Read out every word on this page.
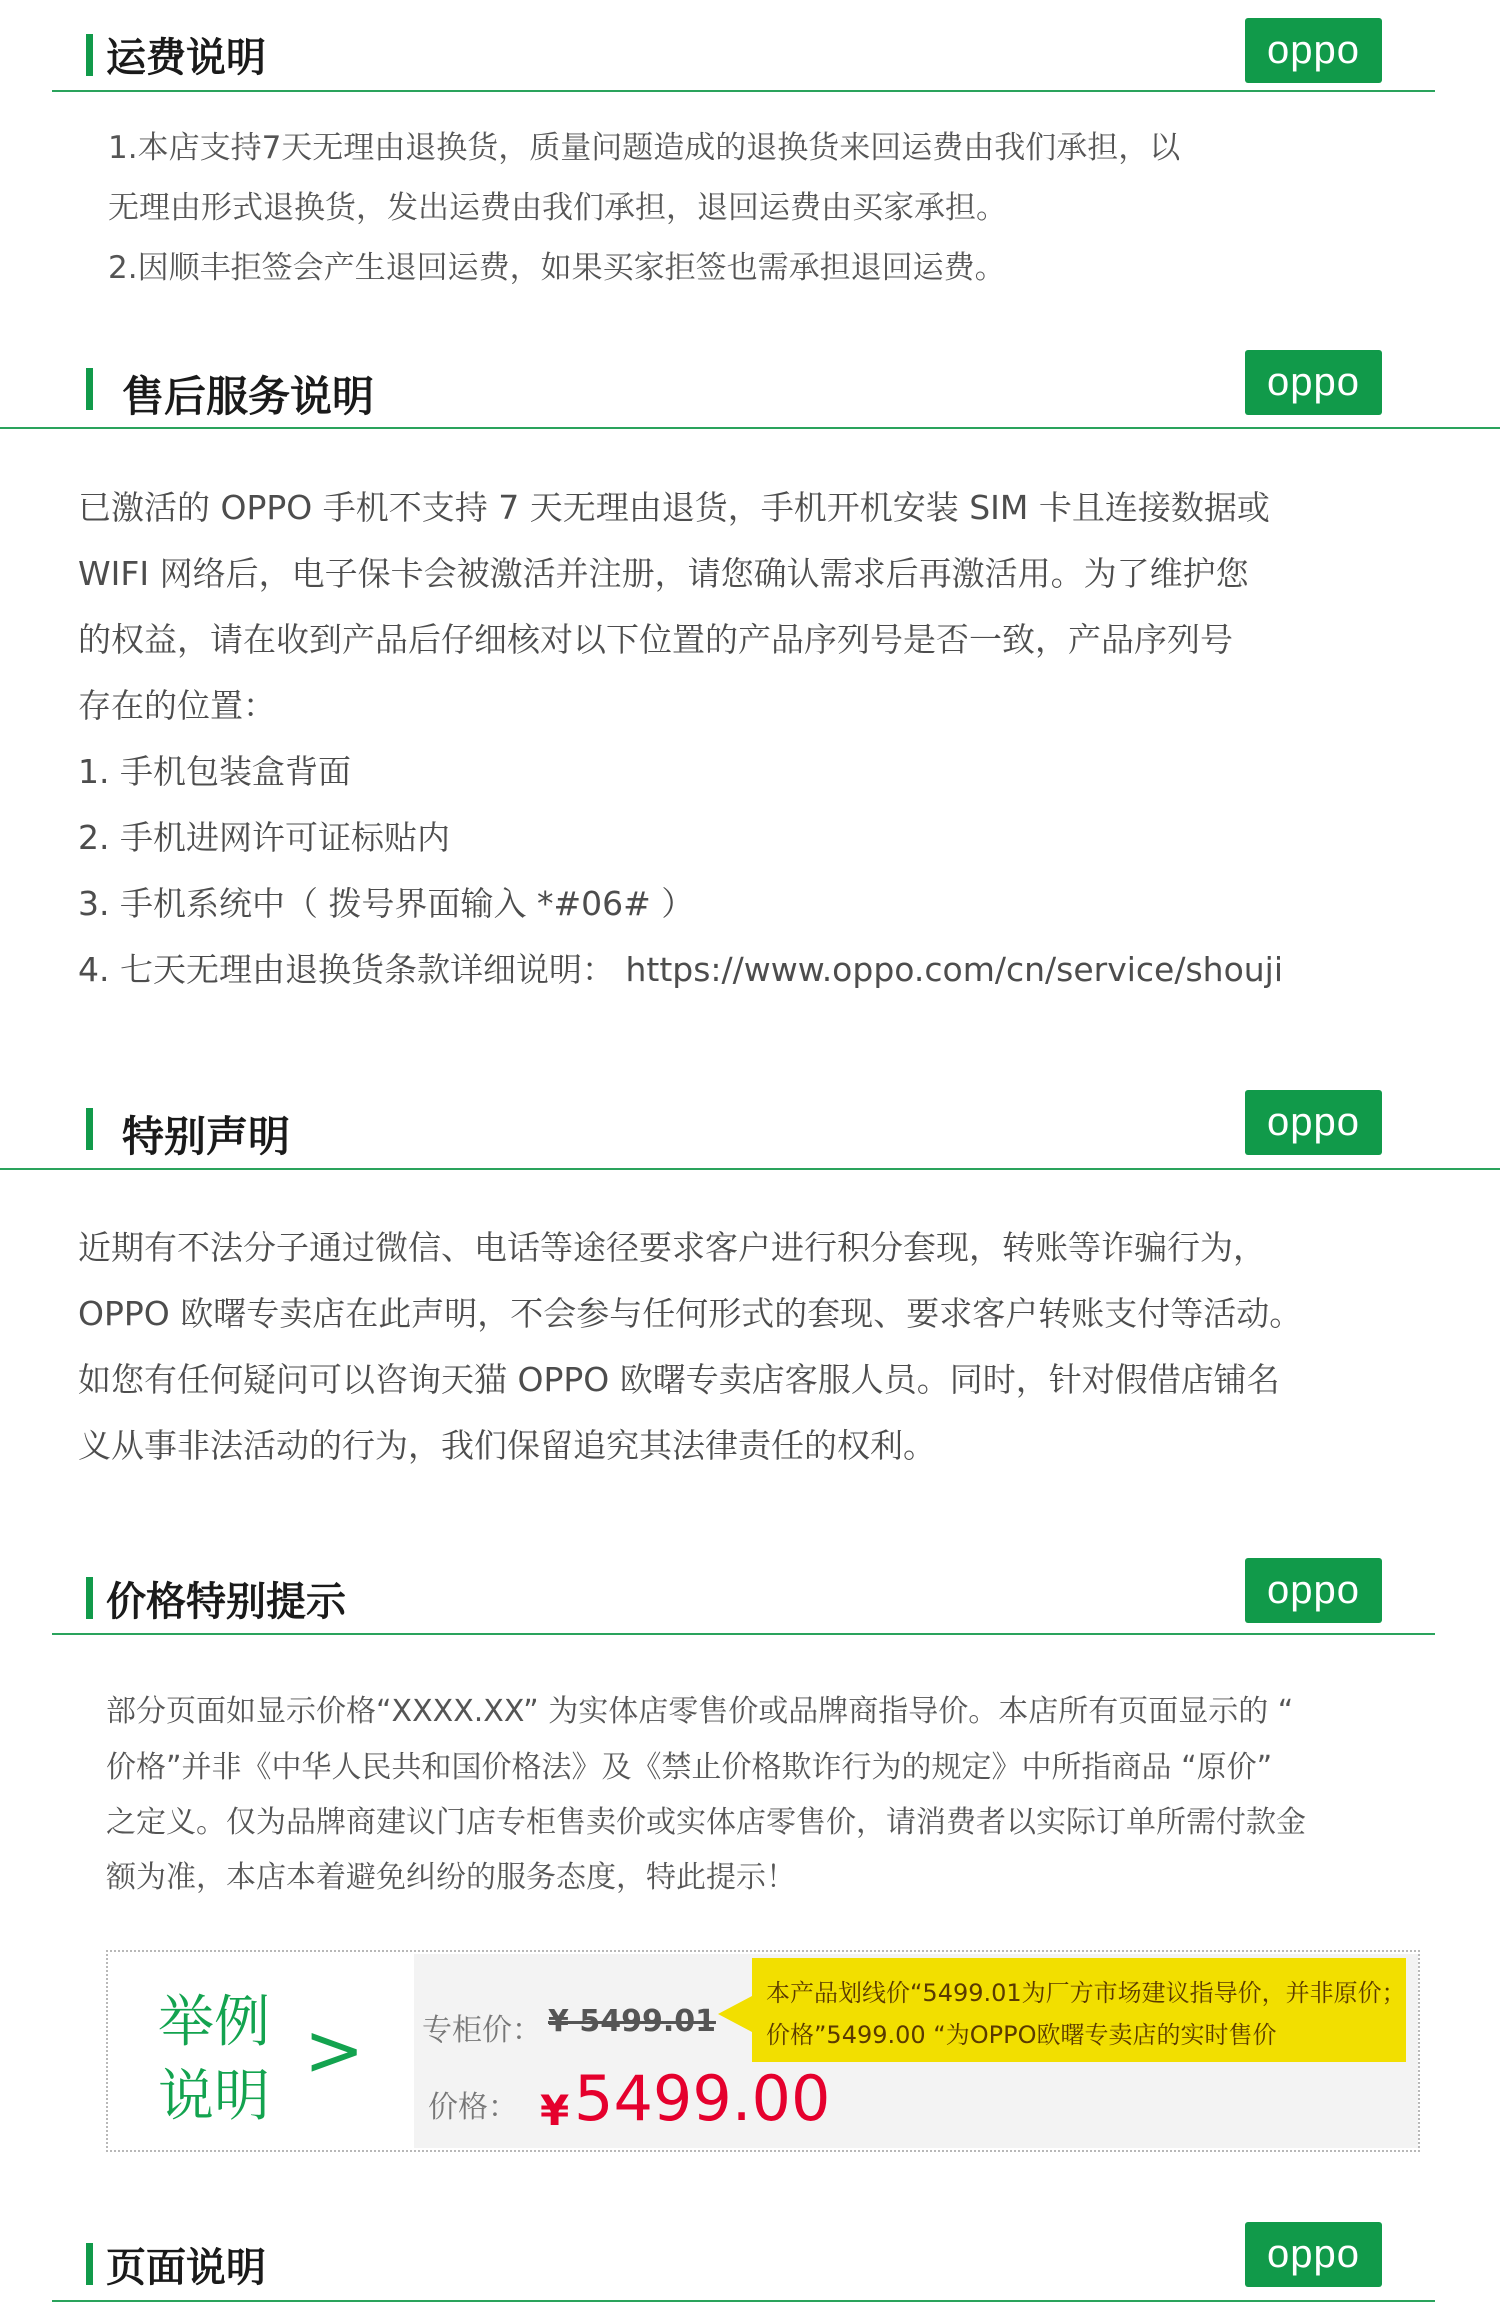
运费说明	oppo
1.本店支持7天无理由退换货，质量问题造成的退换货来回运费由我们承担，以
无理由形式退换货，发出运费由我们承担，退回运费由买家承担。
2.因顺丰拒签会产生退回运费，如果买家拒签也需承担退回运费。
售后服务说明	oppo
已激活的 OPPO 手机不支持 7 天无理由退货，手机开机安装 SIM 卡且连接数据或
WIFI 网络后，电子保卡会被激活并注册，请您确认需求后再激活用。为了维护您
的权益，请在收到产品后仔细核对以下位置的产品序列号是否一致，产品序列号
存在的位置：
1. 手机包装盒背面
2. 手机进网许可证标贴内
3. 手机系统中（ 拨号界面输入 *#06# ）
4. 七天无理由退换货条款详细说明： https://www.oppo.com/cn/service/shouji
特别声明	oppo
近期有不法分子通过微信、电话等途径要求客户进行积分套现，转账等诈骗行为，
OPPO 欧曙专卖店在此声明，不会参与任何形式的套现、要求客户转账支付等活动。
如您有任何疑问可以咨询天猫 OPPO 欧曙专卖店客服人员。同时，针对假借店铺名
义从事非法活动的行为，我们保留追究其法律责任的权利。
价格特别提示	oppo
部分页面如显示价格“XXXX.XX” 为实体店零售价或品牌商指导价。本店所有页面显示的 “
价格”并非《中华人民共和国价格法》及《禁止价格欺诈行为的规定》中所指商品 “原价”
之定义。仅为品牌商建议门店专柜售卖价或实体店零售价，请消费者以实际订单所需付款金
额为准，本店本着避免纠纷的服务态度，特此提示！
举例
说明
> 专柜价： ¥ 5499.01
价格： ¥ 5499.00
本产品划线价“5499.01为厂方市场建议指导价，并非原价；
价格”5499.00 “为OPPO欧曙专卖店的实时售价
页面说明	oppo
